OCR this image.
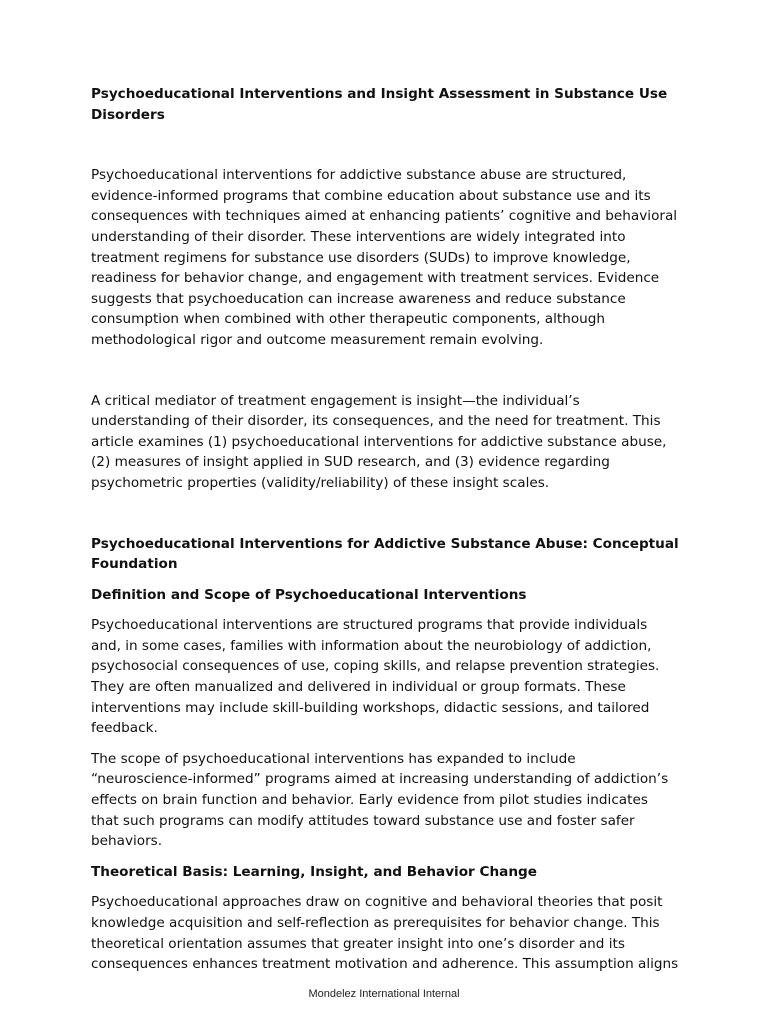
Psychoeducational Interventions and Insight Assessment in Substance Use Disorders

Psychoeducational interventions for addictive substance abuse are structured, evidence-informed programs that combine education about substance use and its consequences with techniques aimed at enhancing patients’ cognitive and behavioral understanding of their disorder. These interventions are widely integrated into treatment regimens for substance use disorders (SUDs) to improve knowledge, readiness for behavior change, and engagement with treatment services. Evidence suggests that psychoeducation can increase awareness and reduce substance consumption when combined with other therapeutic components, although methodological rigor and outcome measurement remain evolving.

A critical mediator of treatment engagement is insight—the individual’s understanding of their disorder, its consequences, and the need for treatment. This article examines (1) psychoeducational interventions for addictive substance abuse, (2) measures of insight applied in SUD research, and (3) evidence regarding psychometric properties (validity/reliability) of these insight scales.

Psychoeducational Interventions for Addictive Substance Abuse: Conceptual Foundation

Definition and Scope of Psychoeducational Interventions

Psychoeducational interventions are structured programs that provide individuals and, in some cases, families with information about the neurobiology of addiction, psychosocial consequences of use, coping skills, and relapse prevention strategies. They are often manualized and delivered in individual or group formats. These interventions may include skill-building workshops, didactic sessions, and tailored feedback.

The scope of psychoeducational interventions has expanded to include “neuroscience-informed” programs aimed at increasing understanding of addiction’s effects on brain function and behavior. Early evidence from pilot studies indicates that such programs can modify attitudes toward substance use and foster safer behaviors.

Theoretical Basis: Learning, Insight, and Behavior Change

Psychoeducational approaches draw on cognitive and behavioral theories that posit knowledge acquisition and self-reflection as prerequisites for behavior change. This theoretical orientation assumes that greater insight into one’s disorder and its consequences enhances treatment motivation and adherence. This assumption aligns

Mondelez International Internal
